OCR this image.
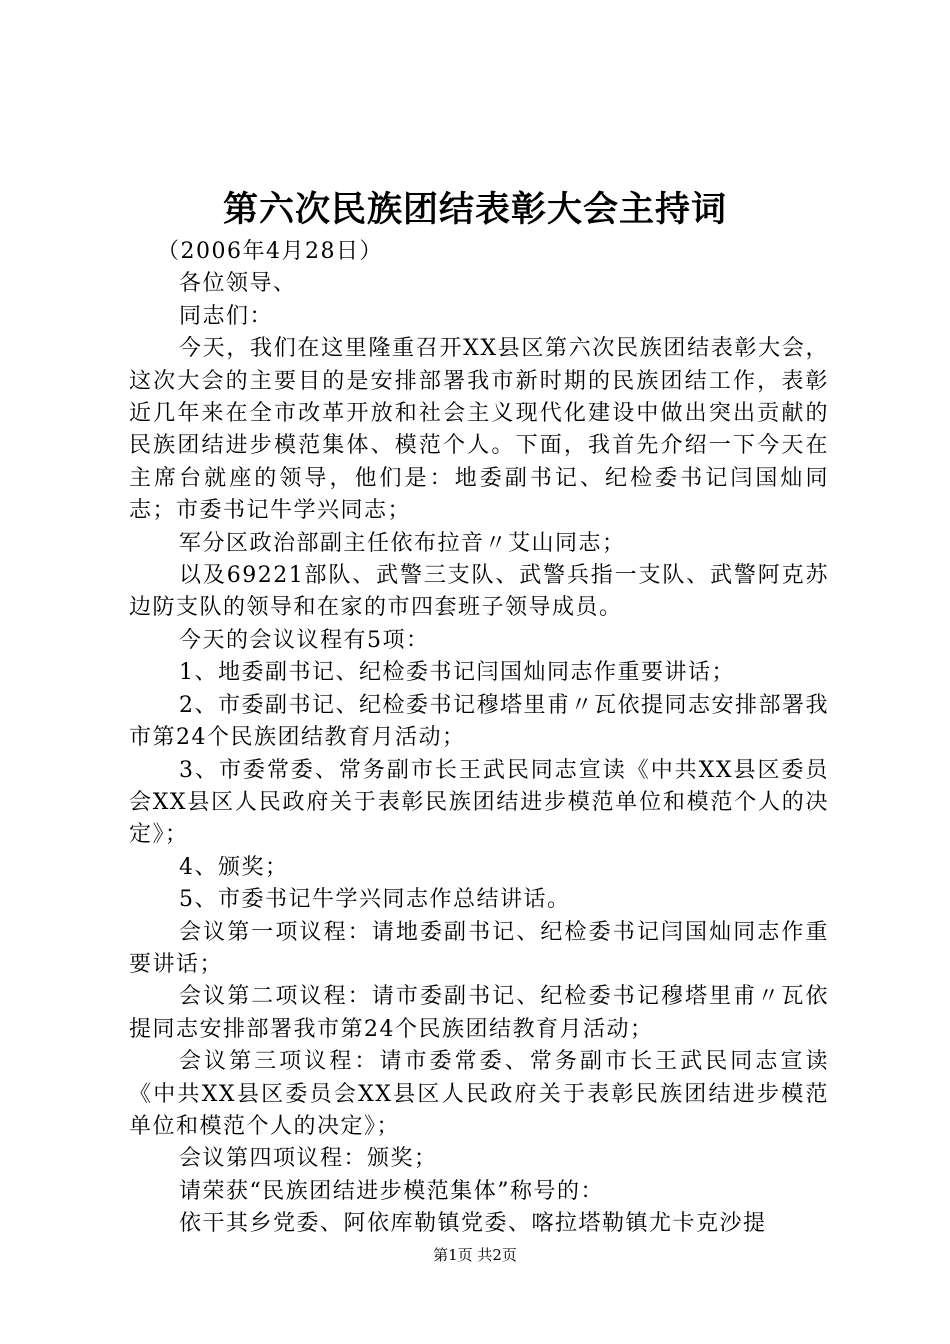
第六次民族团结表彰大会主持词

（2006年4月28日）

各位领导、

同志们：

今天，我们在这里隆重召开XX县区第六次民族团结表彰大会，这次大会的主要目的是安排部署我市新时期的民族团结工作，表彰近几年来在全市改革开放和社会主义现代化建设中做出突出贡献的民族团结进步模范集体、模范个人。下面，我首先介绍一下今天在主席台就座的领导，他们是：地委副书记、纪检委书记闫国灿同志；市委书记牛学兴同志；

军分区政治部副主任依布拉音〃艾山同志；

以及69221部队、武警三支队、武警兵指一支队、武警阿克苏边防支队的领导和在家的市四套班子领导成员。

今天的会议议程有5项：

1、地委副书记、纪检委书记闫国灿同志作重要讲话；

2、市委副书记、纪检委书记穆塔里甫〃瓦依提同志安排部署我市第24个民族团结教育月活动；

3、市委常委、常务副市长王武民同志宣读《中共XX县区委员会XX县区人民政府关于表彰民族团结进步模范单位和模范个人的决定》；

4、颁奖；

5、市委书记牛学兴同志作总结讲话。

会议第一项议程：请地委副书记、纪检委书记闫国灿同志作重要讲话；

会议第二项议程：请市委副书记、纪检委书记穆塔里甫〃瓦依提同志安排部署我市第24个民族团结教育月活动；

会议第三项议程：请市委常委、常务副市长王武民同志宣读《中共XX县区委员会XX县区人民政府关于表彰民族团结进步模范单位和模范个人的决定》；

会议第四项议程：颁奖；

请荣获“民族团结进步模范集体”称号的：

依干其乡党委、阿依库勒镇党委、喀拉塔勒镇尤卡克沙提

第1页 共2页
